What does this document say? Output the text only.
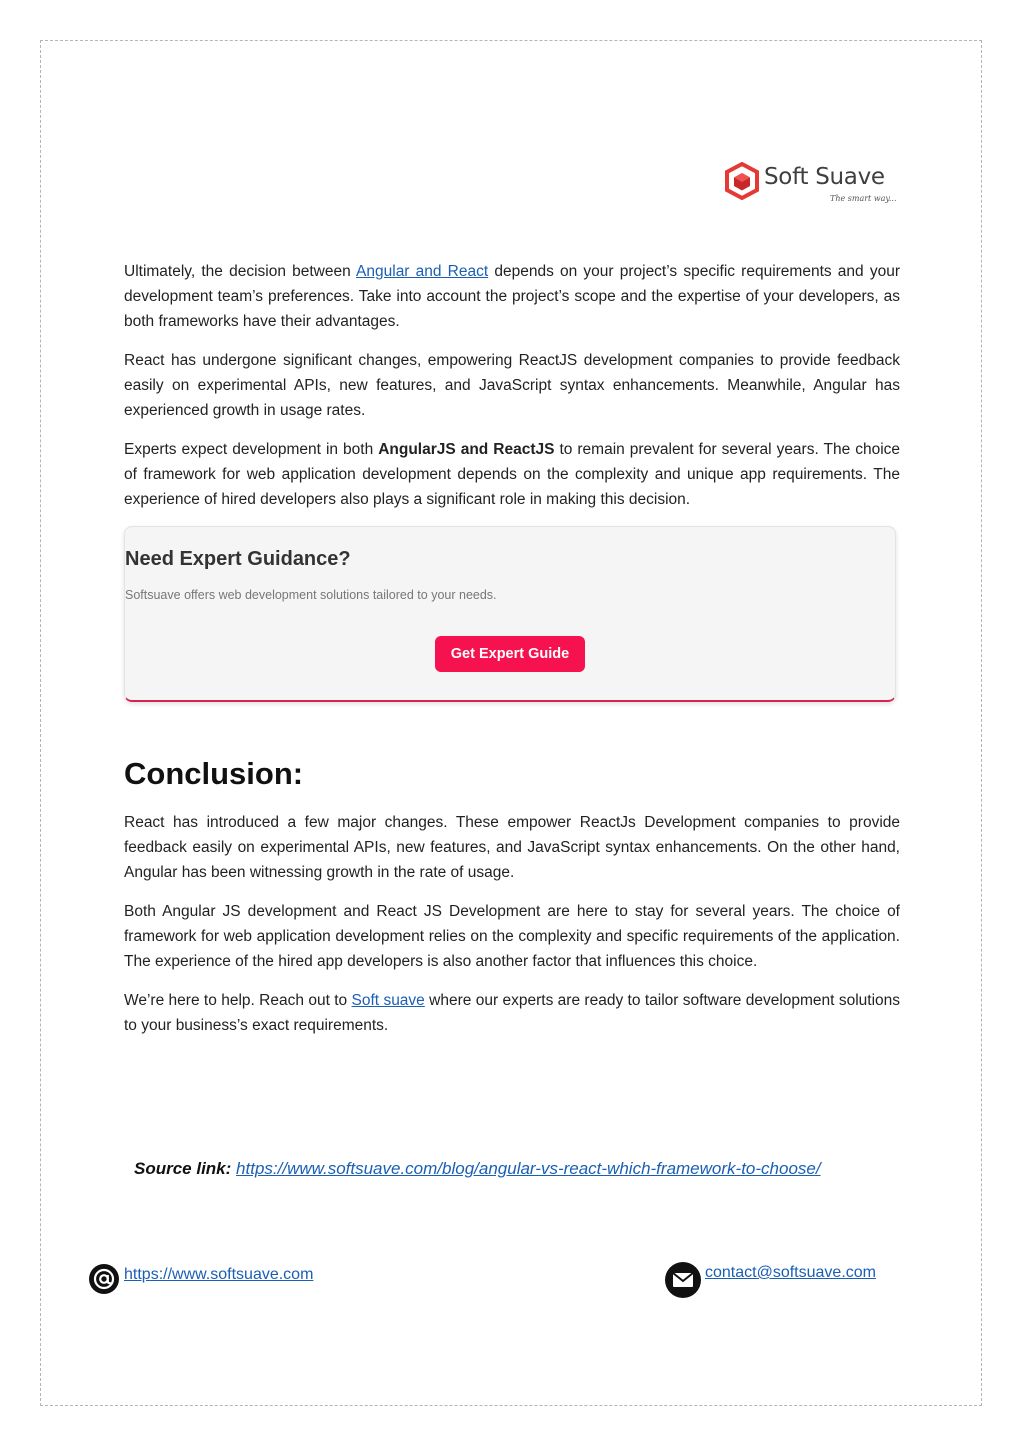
Soft Suave
The smart way...

Ultimately, the decision between Angular and React depends on your project’s specific requirements and your development team’s preferences. Take into account the project’s scope and the expertise of your developers, as both frameworks have their advantages.

React has undergone significant changes, empowering ReactJS development companies to provide feedback easily on experimental APIs, new features, and JavaScript syntax enhancements. Meanwhile, Angular has experienced growth in usage rates.

Experts expect development in both AngularJS and ReactJS to remain prevalent for several years. The choice of framework for web application development depends on the complexity and unique app requirements. The experience of hired developers also plays a significant role in making this decision.

Need Expert Guidance?

Softsuave offers web development solutions tailored to your needs.

Get Expert Guide
Conclusion:

React has introduced a few major changes. These empower ReactJs Development companies to provide feedback easily on experimental APIs, new features, and JavaScript syntax enhancements. On the other hand, Angular has been witnessing growth in the rate of usage.

Both Angular JS development and React JS Development are here to stay for several years. The choice of framework for web application development relies on the complexity and specific requirements of the application. The experience of the hired app developers is also another factor that influences this choice.

We’re here to help. Reach out to Soft suave where our experts are ready to tailor software development solutions to your business’s exact requirements.

Source link: https://www.softsuave.com/blog/angular-vs-react-which-framework-to-choose/
https://www.softsuave.com	contact@softsuave.com
